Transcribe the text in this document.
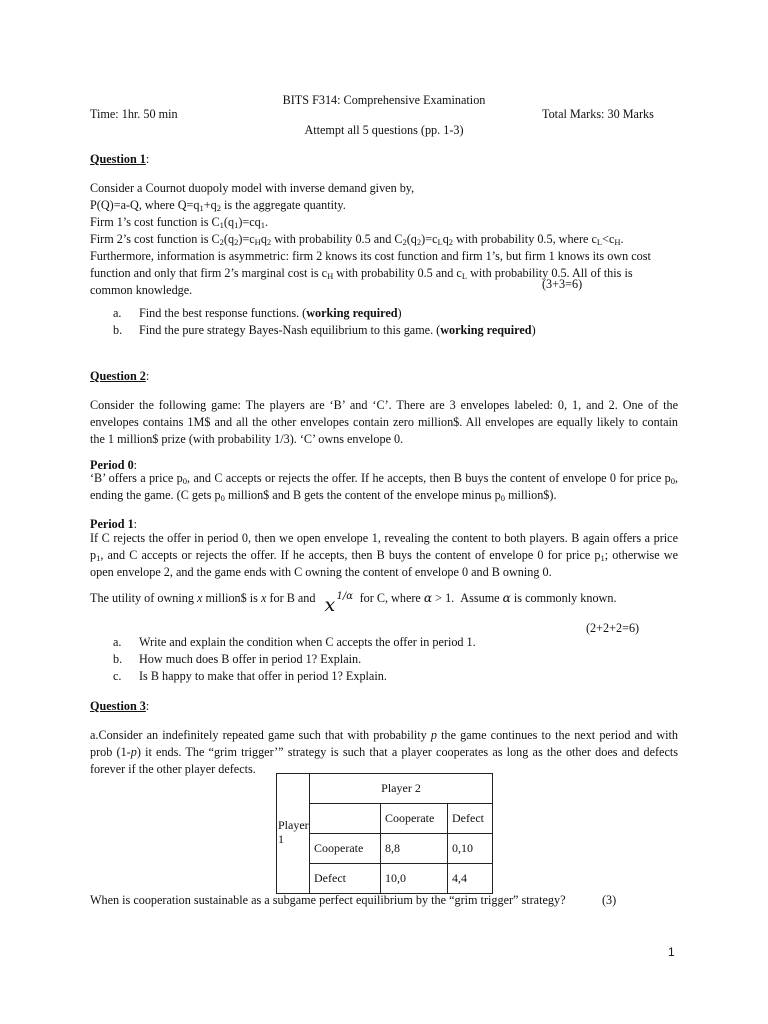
BITS F314: Comprehensive Examination
Time: 1hr. 50 min	Total Marks: 30 Marks
Attempt all 5 questions (pp. 1-3)
Question 1:
Consider a Cournot duopoly model with inverse demand given by,
P(Q)=a-Q, where $Q=q_1+q_2$ is the aggregate quantity.
Firm 1’s cost function is $C_1(q_1)=cq_1$.
Firm 2’s cost function is $C_2(q_2)=c_Hq_2$ with probability 0.5 and $C_2(q_2)=c_Lq_2$ with probability 0.5, where $c_L<c_H$.
Furthermore, information is asymmetric: firm 2 knows its cost function and firm 1’s, but firm 1 knows its own cost
function and only that firm 2’s marginal cost is $c_H$ with probability 0.5 and $c_L$ with probability 0.5. All of this is
common knowledge.	(3+3=6)
a. Find the best response functions. (working required)
b. Find the pure strategy Bayes-Nash equilibrium to this game. (working required)
Question 2:
Consider the following game: The players are ‘B’ and ‘C’. There are 3 envelopes labeled: 0, 1, and 2. One of the envelopes contains 1M$ and all the other envelopes contain zero million$. All envelopes are equally likely to contain the 1 million$ prize (with probability 1/3). ‘C’ owns envelope 0.
Period 0:
‘B’ offers a price $p_0$, and C accepts or rejects the offer. If he accepts, then B buys the content of envelope 0 for price $p_0$, ending the game. (C gets $p_0$ million$ and B gets the content of the envelope minus $p_0$ million$).
Period 1:
If C rejects the offer in period 0, then we open envelope 1, revealing the content to both players. B again offers a price $p_1$, and C accepts or rejects the offer. If he accepts, then B buys the content of envelope 0 for price $p_1$; otherwise we open envelope 2, and the game ends with C owning the content of envelope 0 and B owning 0.
The utility of owning x million$ is x for B and x 1/α for C, where α > 1.  Assume α is commonly known.
(2+2+2=6)
a. Write and explain the condition when C accepts the offer in period 1.
b. How much does B offer in period 1? Explain.
c. Is B happy to make that offer in period 1? Explain.
Question 3:
a.Consider an indefinitely repeated game such that with probability p the game continues to the next period and with prob (1-p) it ends. The “grim trigger’” strategy is such that a player cooperates as long as the other does and defects forever if the other player defects.
Player 1	Player 2		
		Cooperate	Defect
	Cooperate	8,8	0,10
	Defect	10,0	4,4
When is cooperation sustainable as a subgame perfect equilibrium by the “grim trigger” strategy?	(3)
1
